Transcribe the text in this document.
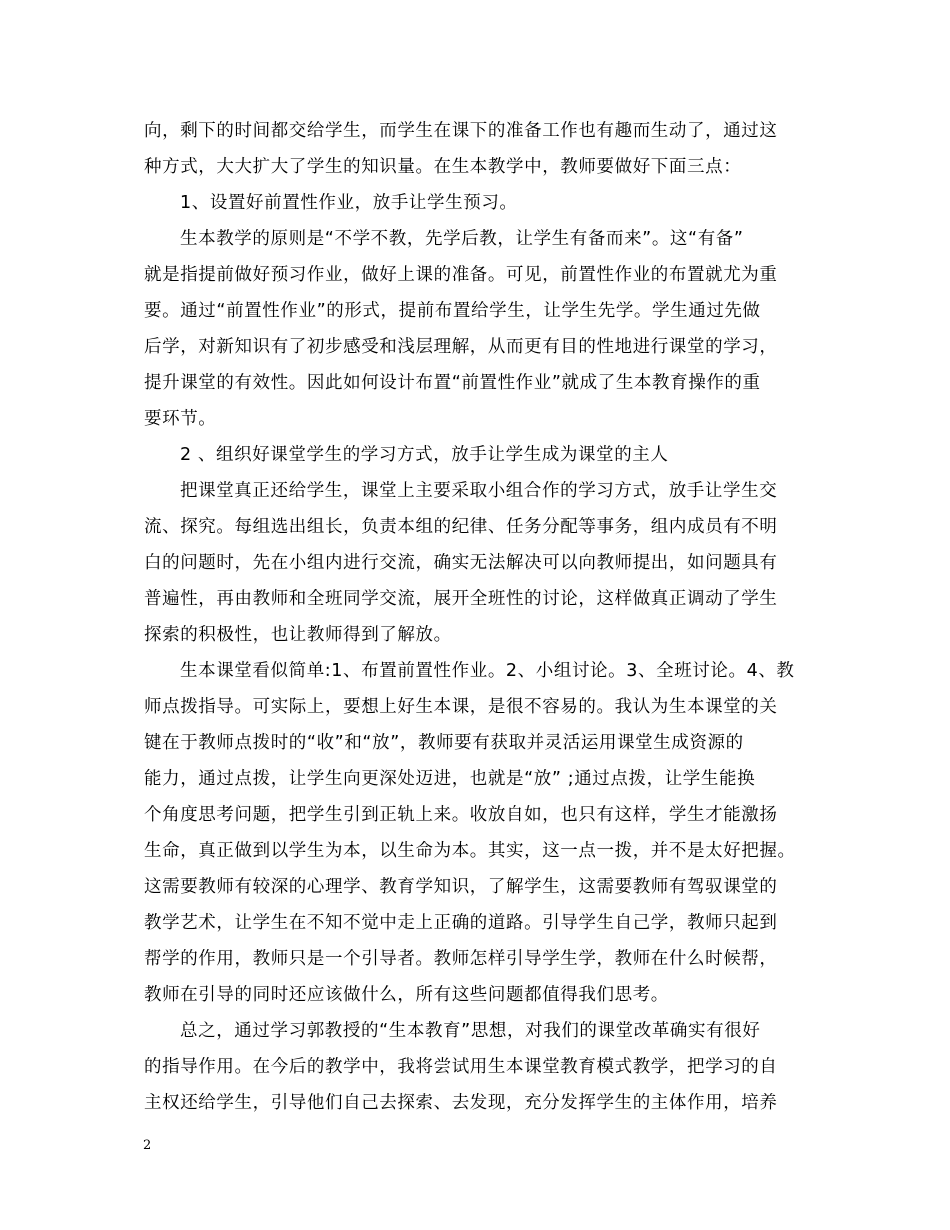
向，剩下的时间都交给学生，而学生在课下的准备工作也有趣而生动了，通过这
种方式，大大扩大了学生的知识量。在生本教学中，教师要做好下面三点：
1、设置好前置性作业，放手让学生预习。
生本教学的原则是“不学不教，先学后教，让学生有备而来”。这“有备”
就是指提前做好预习作业，做好上课的准备。可见，前置性作业的布置就尤为重
要。通过“前置性作业”的形式，提前布置给学生，让学生先学。学生通过先做
后学，对新知识有了初步感受和浅层理解，从而更有目的性地进行课堂的学习，
提升课堂的有效性。因此如何设计布置“前置性作业”就成了生本教育操作的重
要环节。
2 、组织好课堂学生的学习方式，放手让学生成为课堂的主人
把课堂真正还给学生，课堂上主要采取小组合作的学习方式，放手让学生交
流、探究。每组选出组长，负责本组的纪律、任务分配等事务，组内成员有不明
白的问题时，先在小组内进行交流，确实无法解决可以向教师提出，如问题具有
普遍性，再由教师和全班同学交流，展开全班性的讨论，这样做真正调动了学生
探索的积极性，也让教师得到了解放。
生本课堂看似简单:1、布置前置性作业。2、小组讨论。3、全班讨论。4、教
师点拨指导。可实际上，要想上好生本课，是很不容易的。我认为生本课堂的关
键在于教师点拨时的“收”和“放”，教师要有获取并灵活运用课堂生成资源的
能力，通过点拨，让学生向更深处迈进，也就是“放” ;通过点拨，让学生能换
个角度思考问题，把学生引到正轨上来。收放自如，也只有这样，学生才能激扬
生命，真正做到以学生为本，以生命为本。其实，这一点一拨，并不是太好把握。
这需要教师有较深的心理学、教育学知识，了解学生，这需要教师有驾驭课堂的
教学艺术，让学生在不知不觉中走上正确的道路。引导学生自己学，教师只起到
帮学的作用，教师只是一个引导者。教师怎样引导学生学，教师在什么时候帮，
教师在引导的同时还应该做什么，所有这些问题都值得我们思考。
总之，通过学习郭教授的“生本教育”思想，对我们的课堂改革确实有很好
的指导作用。在今后的教学中，我将尝试用生本课堂教育模式教学，把学习的自
主权还给学生，引导他们自己去探索、去发现，充分发挥学生的主体作用，培养
2
